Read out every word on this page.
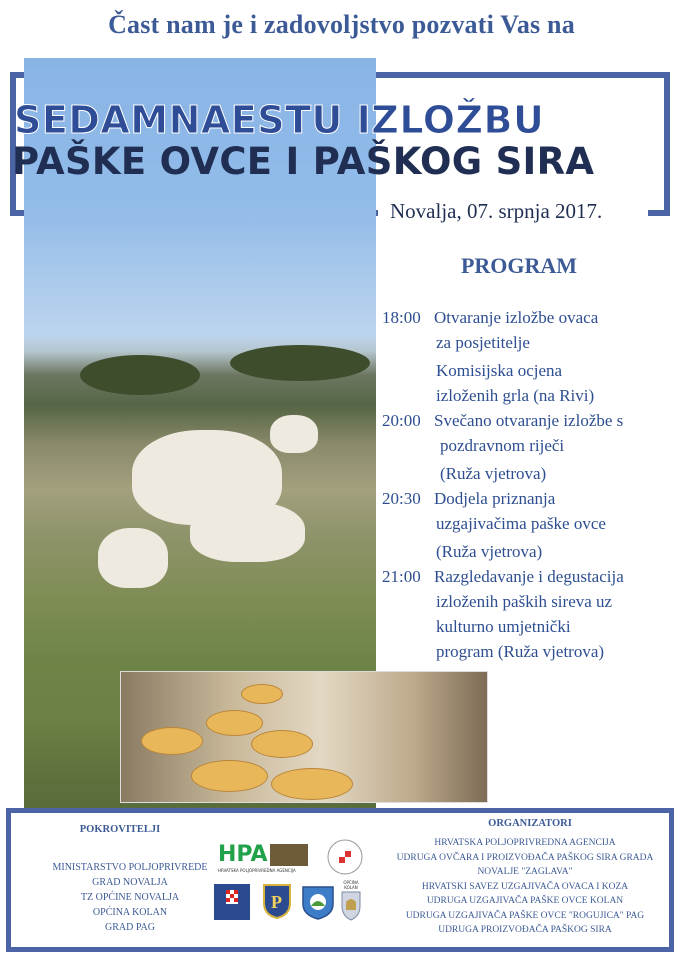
Čast nam je i zadovoljstvo pozvati Vas na
SEDAMNAESTU IZLOŽBU
PAŠKE OVCE I PAŠKOG SIRA
Novalja, 07. srpnja 2017.
PROGRAM
18:00 Otvaranje izložbe ovaca
za posjetitelje
Komisijska ocjena
izloženih grla (na Rivi)
20:00 Svečano otvaranje izložbe s
pozdravnom riječi
(Ruža vjetrova)
20:30 Dodjela priznanja
uzgajivačima paške ovce
(Ruža vjetrova)
21:00 Razgledavanje i degustacija
izloženih paških sireva uz
kulturno umjetnički
program (Ruža vjetrova)
POKROVITELJI
MINISTARSTVO POLJOPRIVREDE
GRAD NOVALJA
TZ OPĆINE NOVALJA
OPĆINA KOLAN
GRAD PAG
HPA
HRVATSKA POLJOPRIVREDNA AGENCIJA
P
OPĆINA KOLAN
ORGANIZATORI
HRVATSKA POLJOPRIVREDNA AGENCIJA
UDRUGA OVČARA I PROIZVOĐAČA PAŠKOG SIRA GRADA
NOVALJE "ZAGLAVA"
HRVATSKI SAVEZ UZGAJIVAČA OVACA I KOZA
UDRUGA UZGAJIVAČA PAŠKE OVCE KOLAN
UDRUGA UZGAJIVAČA PAŠKE OVCE "ROGUJICA" PAG
UDRUGA PROIZVOĐAČA PAŠKOG SIRA
